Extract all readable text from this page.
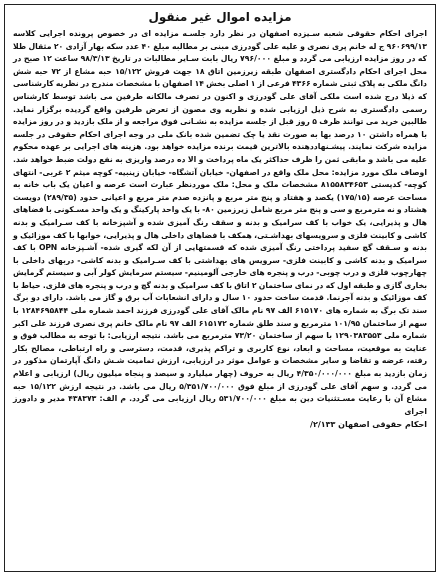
مزایده اموال غیر منقول

اجرای احکام حقوقی شعبه سـیزده اصفهان در نظر دارد جلسـه مزایده ای در خصوص پرونده اجرایی کلاسه ۹۶۰۶۹۹/۱۳ ج له خانم پری نصری و علیه علی گودرزی مبنی بر مطالبه مبلغ ۴۰ عدد سکه بهار آزادی ۲۰ مثقال طلا که در روز مزایده ارزیابی می گردد و مبلغ ۷۹۶/۰۰۰ ریال بابت سـایر مطالبات در تاریخ ۹۸/۳/۱۳ ساعت ۱۲ صبح در محل اجرای احکام دادگستری اصفهان طبقه زیرزمین اتاق ۱۸ جهت فروش ۱۵/۱۲۲ حبه مشاع از ۷۲ حبه شش دانگ ملکی به پلاک ثبتی شماره ۴۳۶۶ فرعی از ۱ اصلی بخش ۱۴ اصفهان با مشخصات مندرج در نظریه کارشناسی که ذیلا درج شده است ملکی آقای علی گودرزی و اکنون در تصرف مالکانه طرفین می باشد توسط کارشناس رسمی دادگستری به شرح ذیل ارزیابی شده و نظریه وی مصون از تعرض طرفین واقع گردیده برگزار نماید. طالبین خرید می توانند ظرف ۵ روز قبل از جلسه مزایده به نشـانی فوق مراجعه و از ملک بازدید و در روز مزایده با همراه داشتن ۱۰ درصد بها به صورت نقد یا چک تضمین شده بانک ملی در وجه اجرای احکام حقوقی در جلسه مزایده شرکت نمایند. پیشـنهاددهنده بالاترین قیمت برنده مزایده خواهد بود. هزینه های اجرایی بر عهده محکوم علیه می باشد و مابقی ثمن را ظرف حداکثر یک ماه پرداخت و الا ده درصد واریزی به نفع دولت ضبط خواهد شد. اوصاف ملک مورد مزایده: محل ملک واقع در اصفهان- خیابان آتشگاه- خیابان زینبیه- کوچه میثم ۲ غربی- انتهای کوچه- کدپستی ۸۱۵۵۸۳۴۶۵۳ مشخصات ملک و محل: ملک موردنظر عبارت است عرصه و اعیان یک باب خانه به مساحت عرصه (۱۷۵/۱۵) یکصد و هفتاد و پنج متر مربع و پانزده صدم متر مربع و اعیانی حدود (۲۸۹/۳۵) دویست هشتاد و نه مترمربع و سی و پنج متر مربع شامل زیرزمین ۸۰- با یک واحد پارکینگ و یک واحد مسـکونی با فضاهای هال و پذیرایی، یک خواب با کف سرامیک و بدنه و سقف رنگ آمیزی شده و آشپزخانه با کف سـرامیک و بدنه کاشی و کابینت فلزی و سرویسهای بهداشـتی، همکف با فضاهای داخلی هال و پذیرایی، خوابها با کف موزائیک و بدنه و سـقف گچ سفید پرداختی رنگ آمیزی شده که قسمتهایی از آن لکه گیری شده- آشـپزخانه OPN با کف سرامیک و بدنه کاشی و کابینت فلزی- سرویس های بهداشتی با کف سـرامیک و بدنه کاشی- دربهای داخلی با چهارچوب فلزی و درب چوبی- درب و پنجره های خارجی آلومینیم- سیستم سرمایش کولر آبی و سیستم گرمایش بخاری گازی و طبقه اول که در نمای ساختمان ۲ اتاق با کف سرامیک و بدنه گچ و درب و پنجره های فلزی. حیاط با کف موزائیک و بدنه آجرنما. قدمت ساخت حدود ۱۰ سال و دارای انشعابات آب برق و گاز می باشد. دارای دو برگ سند تک برگ به شماره های ۶۱۵۱۷۰ الف ۹۷ نام مالک آقای علی گودرزی فرزند احمد شماره ملی ۱۲۸۴۶۹۵۸۴۴ با سهم از ساختمان ۱۰۱/۹۵ مترمربع و سند طلق شماره ۶۱۵۱۷۲ الف ۹۷ نام مالک خانم پری نصری فرزند علی اکبر شماره ملی ۱۲۹۰۳۸۳۵۵۳ با سهم از ساختمان ۷۳/۲۰ مترمربع می باشد. نتیجه ارزیابی: با توجه به مطالب فوق و عنایت به موقعیت، مساحت و ابعاد، نوع کاربری و تراکم پذیری، قدمت، دسترسی و راه ارتباطی، مصالح بکار رفته، عرضه و تقاضا و سایر مشخصات و عوامل موثر در ارزیابی، ارزش تمامیت شـش دانگ آپارتمان مذکور در زمان بازدید به مبلغ ۴/۳۵۰/۰۰۰/۰۰۰ ریال به حروف (چهار میلیارد و سیصد و پنجاه میلیون ریال) ارزیابی و اعلام می گردد. و سهم آقای علی گودرزی از مبلغ فوق ۵/۳۵۱/۷۰۰/۰۰۰ ریال می باشد. در نتیجه ارزش ۱۵/۱۲۲ حبه مشاع آن با رعایت مسـتثنیات دین به مبلغ ۵۳۱/۷۰۰/۰۰۰ ریال ارزیابی می گردد. م الف: ۴۳۸۳۷۳ مدیر و دادورز اجرای

احکام حقوقی اصفهان ۲/۱۳۳/
